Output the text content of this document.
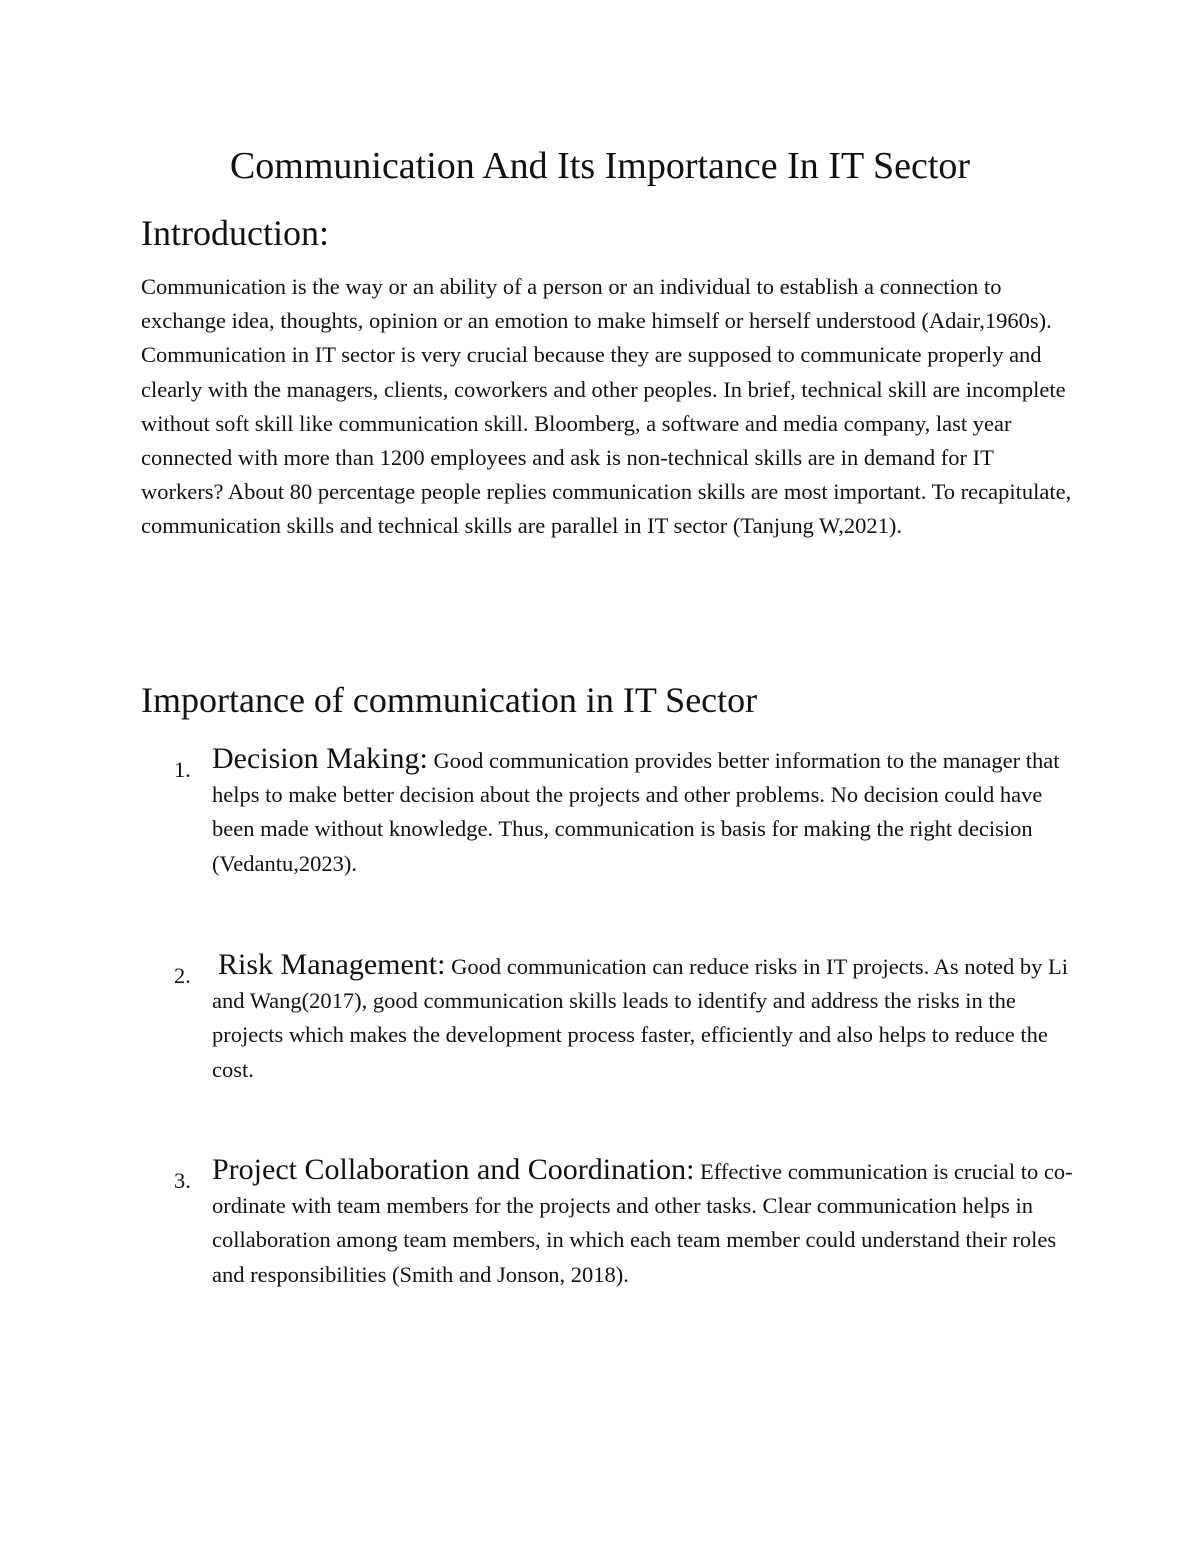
Communication And Its Importance In IT Sector
Introduction:

Communication is the way or an ability of a person or an individual to establish a connection to exchange idea, thoughts, opinion or an emotion to make himself or herself understood (Adair,1960s). Communication in IT sector is very crucial because they are supposed to communicate properly and clearly with the managers, clients, coworkers and other peoples. In brief, technical skill are incomplete without soft skill like communication skill. Bloomberg, a software and media company, last year connected with more than 1200 employees and ask is non-technical skills are in demand for IT workers? About 80 percentage people replies communication skills are most important. To recapitulate, communication skills and technical skills are parallel in IT sector (Tanjung W,2021).

Importance of communication in IT Sector
1. Decision Making: Good communication provides better information to the manager that helps to make better decision about the projects and other problems. No decision could have been made without knowledge. Thus, communication is basis for making the right decision (Vedantu,2023).

2. Risk Management: Good communication can reduce risks in IT projects. As noted by Li and Wang(2017), good communication skills leads to identify and address the risks in the projects which makes the development process faster, efficiently and also helps to reduce the cost.

3. Project Collaboration and Coordination: Effective communication is crucial to co-ordinate with team members for the projects and other tasks. Clear communication helps in collaboration among team members, in which each team member could understand their roles and responsibilities (Smith and Jonson, 2018).
